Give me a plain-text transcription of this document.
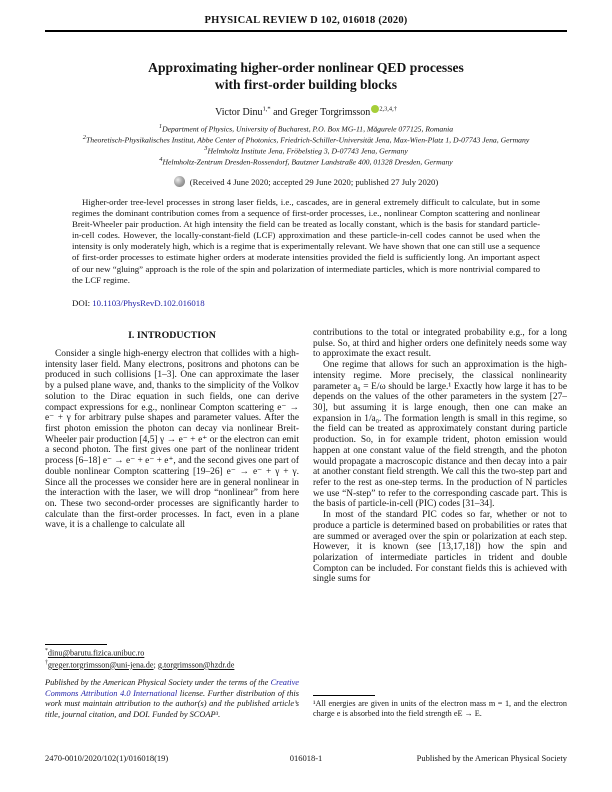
PHYSICAL REVIEW D 102, 016018 (2020)
Approximating higher-order nonlinear QED processes
with first-order building blocks
Victor Dinu$^{1,*}$ and Greger Torgrimsson $^{2,3,4,\dagger}$
$^1$Department of Physics, University of Bucharest, P.O. Box MG-11, Măgurele 077125, Romania
$^2$Theoretisch-Physikalisches Institut, Abbe Center of Photonics, Friedrich-Schiller-Universität Jena, Max-Wien-Platz 1, D-07743 Jena, Germany
$^3$Helmholtz Institute Jena, Fröbelstieg 3, D-07743 Jena, Germany
$^4$Helmholtz-Zentrum Dresden-Rossendorf, Bautzner Landstraße 400, 01328 Dresden, Germany
(Received 4 June 2020; accepted 29 June 2020; published 27 July 2020)
Higher-order tree-level processes in strong laser fields, i.e., cascades, are in general extremely difficult to calculate, but in some regimes the dominant contribution comes from a sequence of first-order processes, i.e., nonlinear Compton scattering and nonlinear Breit-Wheeler pair production. At high intensity the field can be treated as locally constant, which is the basis for standard particle-in-cell codes. However, the locally-constant-field (LCF) approximation and these particle-in-cell codes cannot be used when the intensity is only moderately high, which is a regime that is experimentally relevant. We have shown that one can still use a sequence of first-order processes to estimate higher orders at moderate intensities provided the field is sufficiently long. An important aspect of our new “gluing” approach is the role of the spin and polarization of intermediate particles, which is more nontrivial compared to the LCF regime.
DOI: 10.1103/PhysRevD.102.016018
I. INTRODUCTION

Consider a single high-energy electron that collides with a high-intensity laser field. Many electrons, positrons and photons can be produced in such collisions [1–3]. One can approximate the laser by a pulsed plane wave, and, thanks to the simplicity of the Volkov solution to the Dirac equation in such fields, one can derive compact expressions for e.g., nonlinear Compton scattering e⁻ → e⁻ + γ for arbitrary pulse shapes and parameter values. After the first photon emission the photon can decay via nonlinear Breit-Wheeler pair production [4,5] γ → e⁻ + e⁺ or the electron can emit a second photon. The first gives one part of the nonlinear trident process [6–18] e⁻ → e⁻ + e⁻ + e⁺, and the second gives one part of double nonlinear Compton scattering [19–26] e⁻ → e⁻ + γ + γ. Since all the processes we consider here are in general nonlinear in the interaction with the laser, we will drop “nonlinear” from here on. These two second-order processes are significantly harder to calculate than the first-order processes. In fact, even in a plane wave, it is a challenge to calculate all

*dinu@barutu.fizica.unibuc.ro
†greger.torgrimsson@uni-jena.de; g.torgrimsson@hzdr.de
Published by the American Physical Society under the terms of the Creative Commons Attribution 4.0 International license. Further distribution of this work must maintain attribution to the author(s) and the published article’s title, journal citation, and DOI. Funded by SCOAP³.

contributions to the total or integrated probability e.g., for a long pulse. So, at third and higher orders one definitely needs some way to approximate the exact result.

One regime that allows for such an approximation is the high-intensity regime. More precisely, the classical nonlinearity parameter a₀ = E/ω should be large.¹ Exactly how large it has to be depends on the values of the other parameters in the system [27–30], but assuming it is large enough, then one can make an expansion in 1/a₀. The formation length is small in this regime, so the field can be treated as approximately constant during particle production. So, in for example trident, photon emission would happen at one constant value of the field strength, and the photon would propagate a macroscopic distance and then decay into a pair at another constant field strength. We call this the two-step part and refer to the rest as one-step terms. In the production of N particles we use “N-step” to refer to the corresponding cascade part. This is the basis of particle-in-cell (PIC) codes [31–34].

In most of the standard PIC codes so far, whether or not to produce a particle is determined based on probabilities or rates that are summed or averaged over the spin or polarization at each step. However, it is known (see [13,17,18]) how the spin and polarization of intermediate particles in trident and double Compton can be included. For constant fields this is achieved with single sums for

¹All energies are given in units of the electron mass m = 1, and the electron charge e is absorbed into the field strength eE → E.
2470-0010/2020/102(1)/016018(19)	016018-1	Published by the American Physical Society
